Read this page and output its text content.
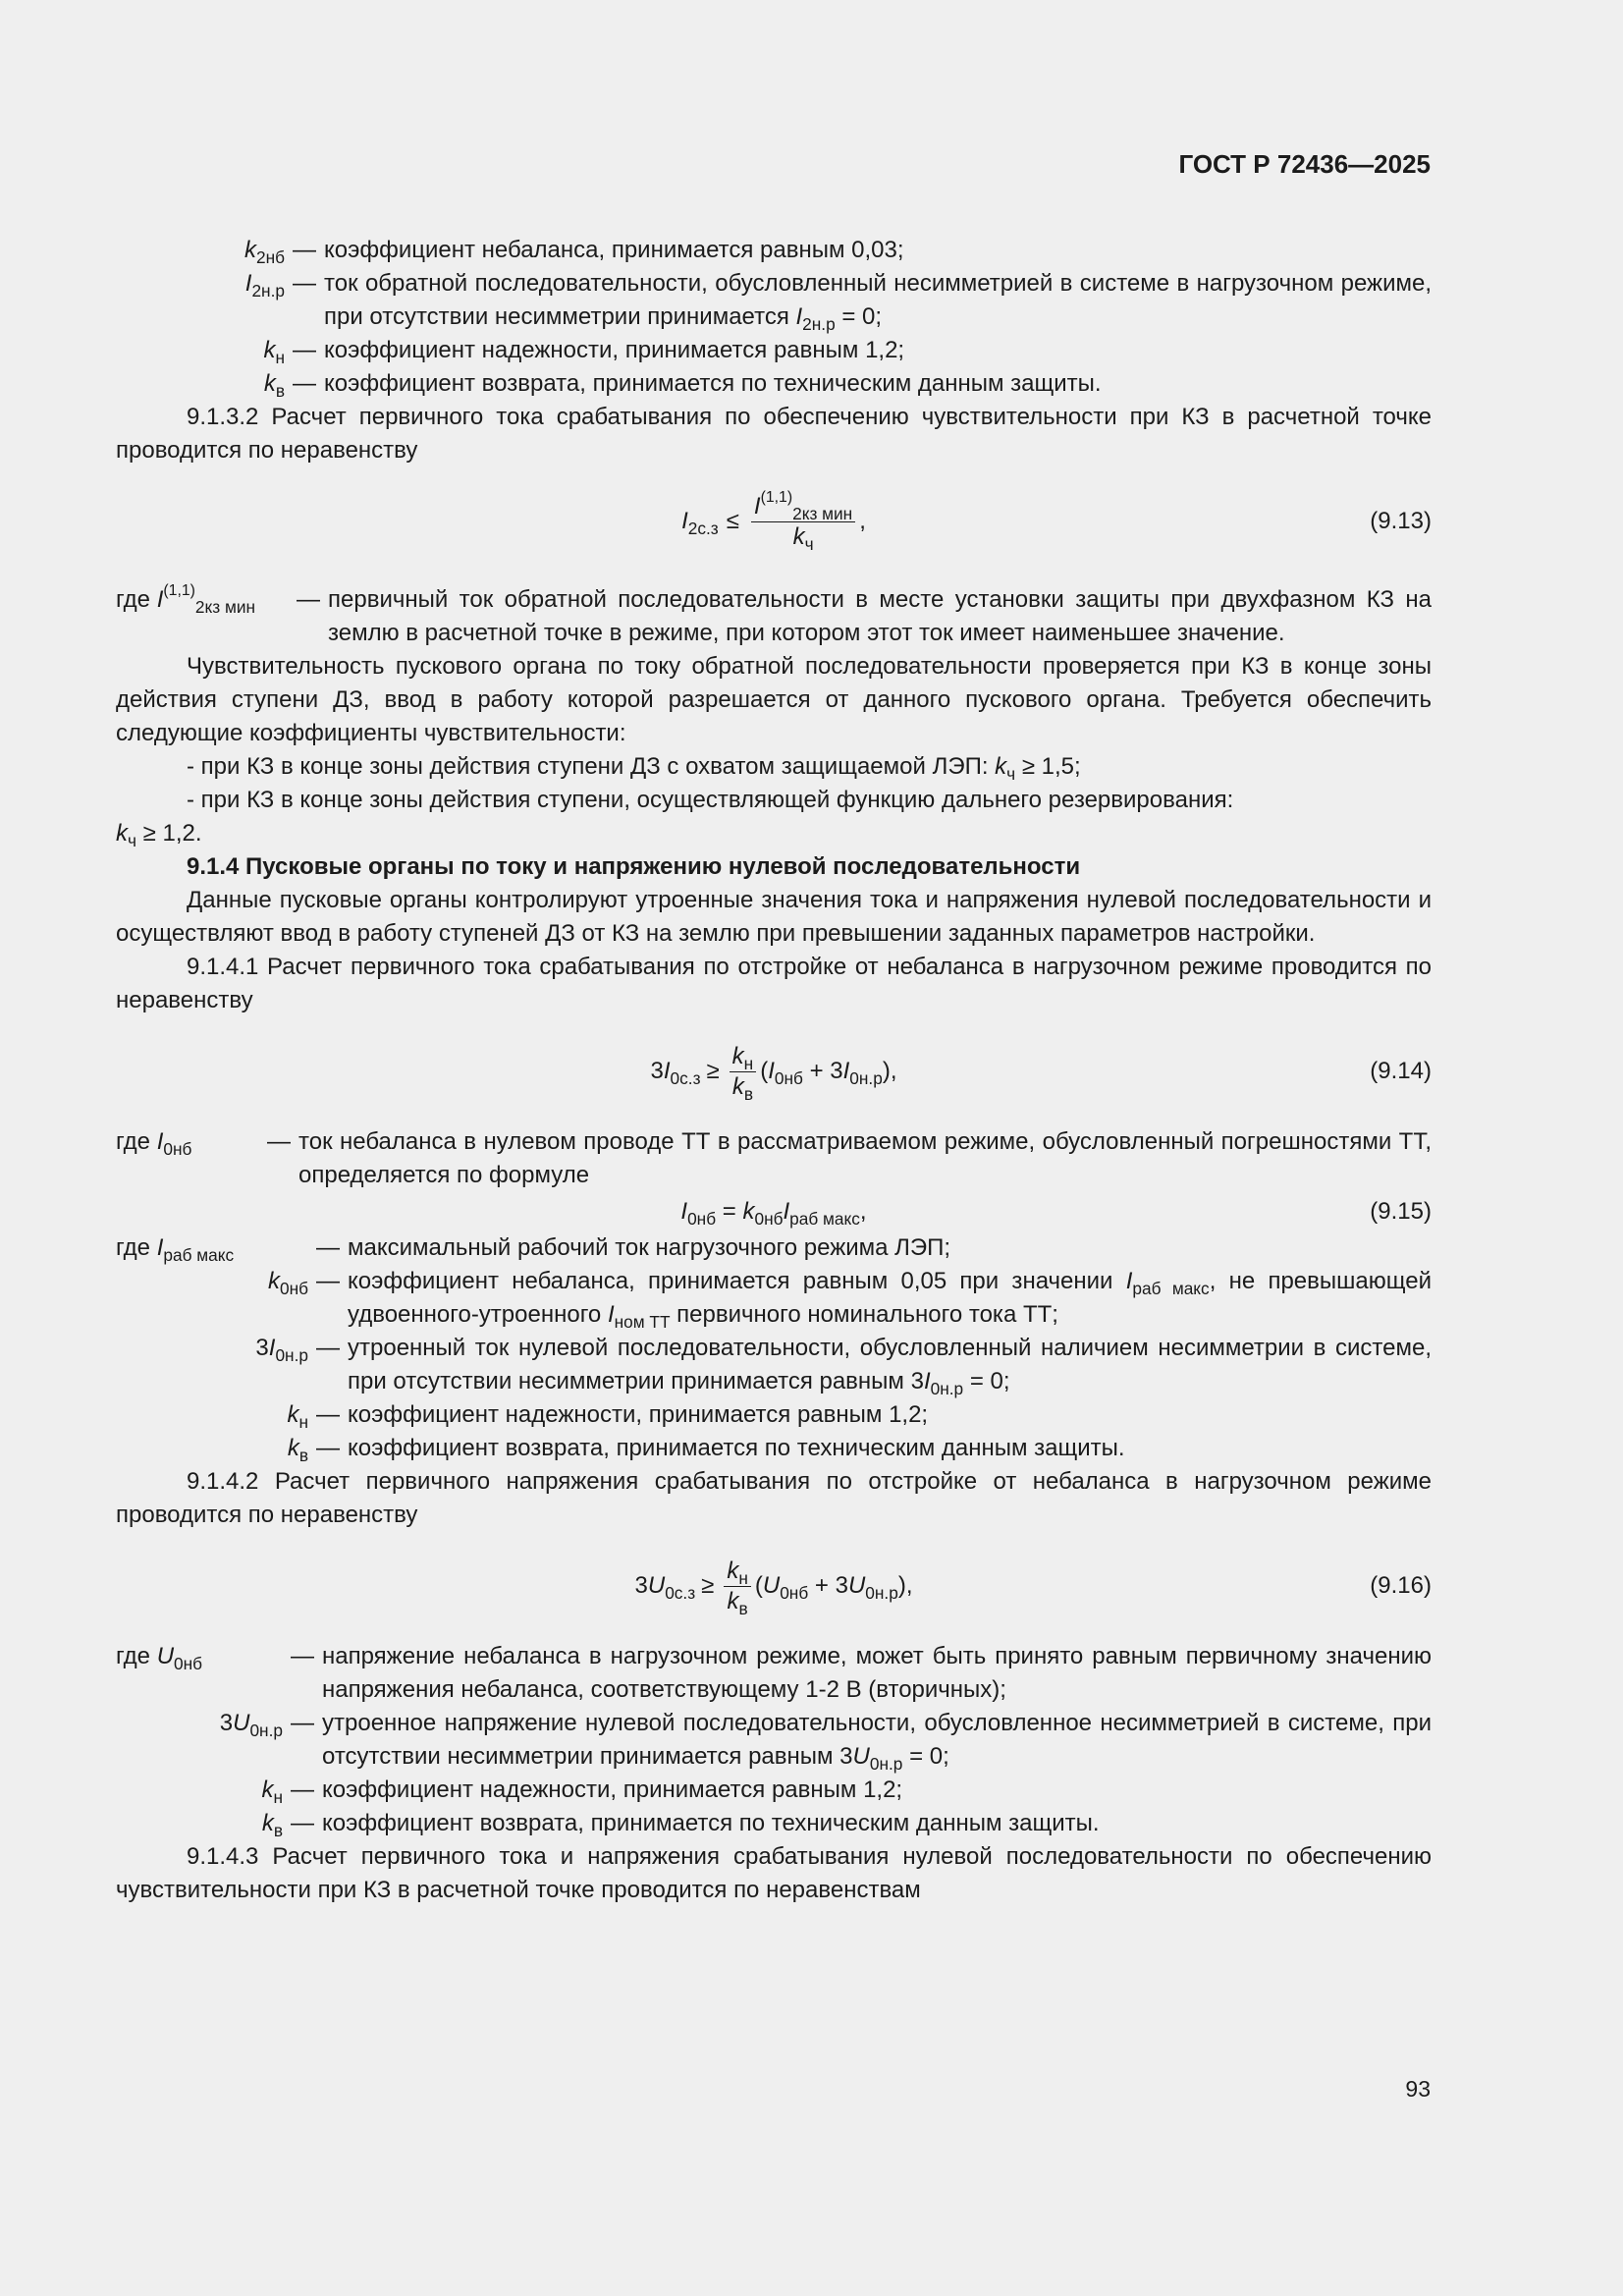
ГОСТ Р 72436—2025
$k_{2нб}$ — коэффициент небаланса, принимается равным 0,03;
$I_{2н.р}$ — ток обратной последовательности, обусловленный несимметрией в системе в нагрузочном режиме, при отсутствии несимметрии принимается $I_{2н.р} = 0$;
$k_н$ — коэффициент надежности, принимается равным 1,2;
$k_в$ — коэффициент возврата, принимается по техническим данным защиты.

9.1.3.2 Расчет первичного тока срабатывания по обеспечению чувствительности при КЗ в расчетной точке проводится по неравенству

$I_{2с.з} \le \frac{I^{(1,1)}_{2кз мин}}{k_ч}$ ,	(9.13)
где I$^{(1,1)}_{2кз мин}$	— первичный ток обратной последовательности в месте установки защиты при двухфазном КЗ на землю в расчетной точке в режиме, при котором этот ток имеет наименьшее значение.

Чувствительность пускового органа по току обратной последовательности проверяется при КЗ в конце зоны действия ступени ДЗ, ввод в работу которой разрешается от данного пускового органа. Требуется обеспечить следующие коэффициенты чувствительности:

- при КЗ в конце зоны действия ступени ДЗ с охватом защищаемой ЛЭП: $k_ч \ge 1,5$;

- при КЗ в конце зоны действия ступени, осуществляющей функцию дальнего резервирования:

$k_ч \ge 1,2$.

9.1.4 Пусковые органы по току и напряжению нулевой последовательности

Данные пусковые органы контролируют утроенные значения тока и напряжения нулевой последовательности и осуществляют ввод в работу ступеней ДЗ от КЗ на землю при превышении заданных параметров настройки.

9.1.4.1 Расчет первичного тока срабатывания по отстройке от небаланса в нагрузочном режиме проводится по неравенству

$3I_{0с.з} \ge \frac{k_н}{k_в} (I_{0нб} + 3I_{0н.р})$,	(9.14)
где $I_{0нб}$	— ток небаланса в нулевом проводе ТТ в рассматриваемом режиме, обусловленный погрешностями ТТ, определяется по формуле
$I_{0нб} = k_{0нб}I_{раб макс}$,	(9.15)
где $I_{раб макс}$	— максимальный рабочий ток нагрузочного режима ЛЭП;
$k_{0нб}$ — коэффициент небаланса, принимается равным 0,05 при значении $I_{раб макс}$, не превышающей удвоенного-утроенного $I_{ном ТТ}$ первичного номинального тока ТТ;
$3I_{0н.р}$ — утроенный ток нулевой последовательности, обусловленный наличием несимметрии в системе, при отсутствии несимметрии принимается равным $3I_{0н.р} = 0$;
$k_н$ — коэффициент надежности, принимается равным 1,2;
$k_в$ — коэффициент возврата, принимается по техническим данным защиты.

9.1.4.2 Расчет первичного напряжения срабатывания по отстройке от небаланса в нагрузочном режиме проводится по неравенству

$3U_{0с.з} \ge \frac{k_н}{k_в} (U_{0нб} + 3U_{0н.р})$,	(9.16)
где $U_{0нб}$	— напряжение небаланса в нагрузочном режиме, может быть принято равным первичному значению напряжения небаланса, соответствующему 1-2 В (вторичных);
$3U_{0н.р}$ — утроенное напряжение нулевой последовательности, обусловленное несимметрией в системе, при отсутствии несимметрии принимается равным $3U_{0н.р} = 0$;
$k_н$ — коэффициент надежности, принимается равным 1,2;
$k_в$ — коэффициент возврата, принимается по техническим данным защиты.

9.1.4.3 Расчет первичного тока и напряжения срабатывания нулевой последовательности по обеспечению чувствительности при КЗ в расчетной точке проводится по неравенствам

93
